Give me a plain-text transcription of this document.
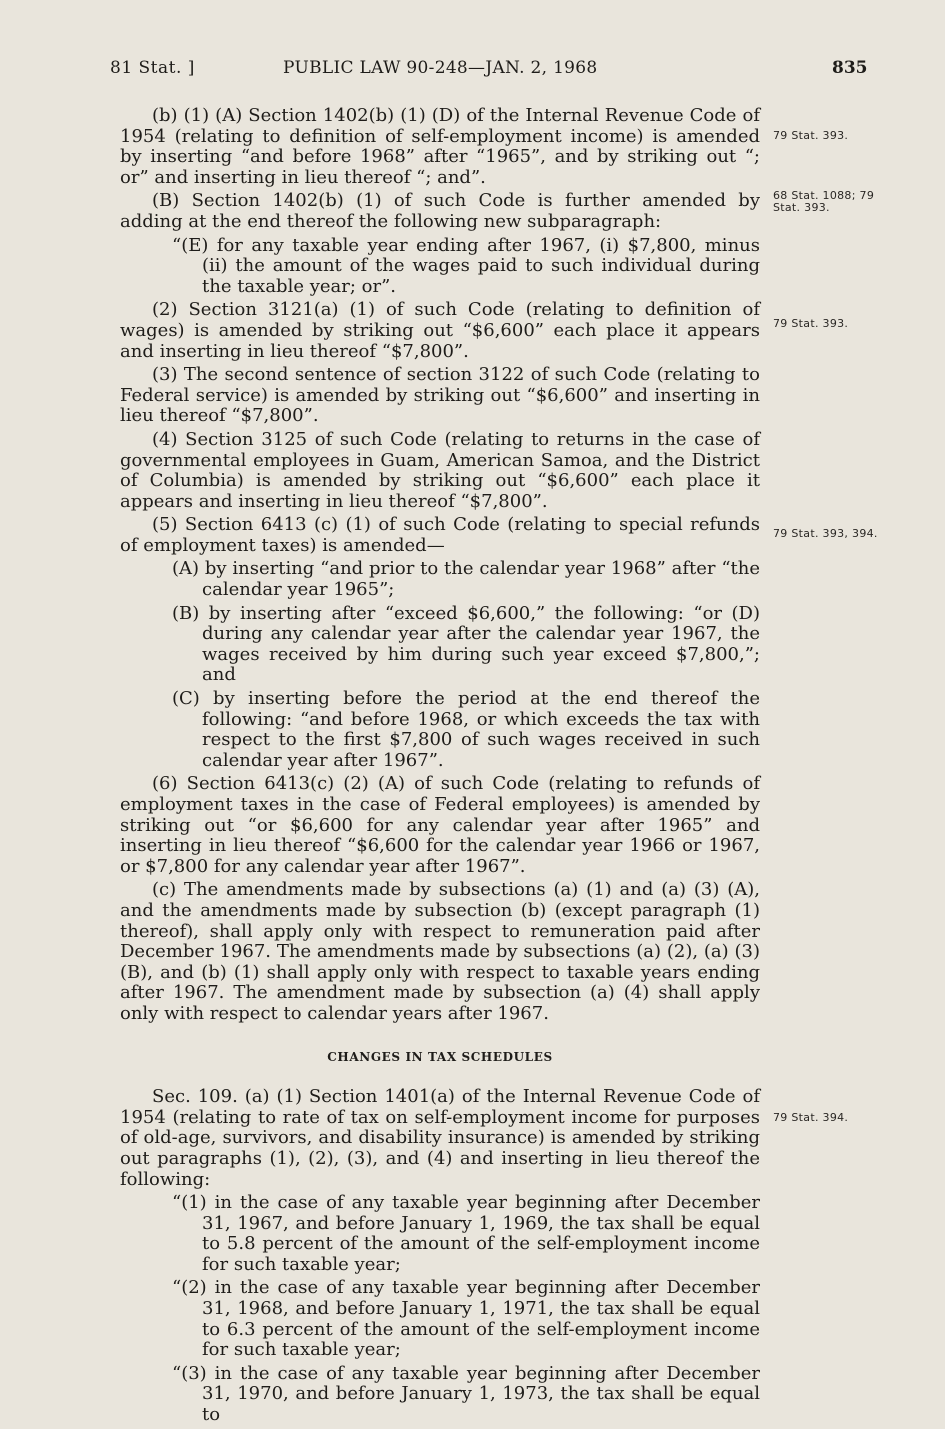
81 Stat. ]	PUBLIC LAW 90-248—JAN. 2, 1968	835

(b) (1) (A) Section 1402(b) (1) (D) of the Internal Revenue Code of 1954 (relating to definition of self-employment income) is amended by inserting “and before 1968” after “1965”, and by striking out “; or” and inserting in lieu thereof “; and”.

(B) Section 1402(b) (1) of such Code is further amended by adding at the end thereof the following new subparagraph:

“(E) for any taxable year ending after 1967, (i) $7,800, minus (ii) the amount of the wages paid to such individual during the taxable year; or”.

(2) Section 3121(a) (1) of such Code (relating to definition of wages) is amended by striking out “$6,600” each place it appears and inserting in lieu thereof “$7,800”.

(3) The second sentence of section 3122 of such Code (relating to Federal service) is amended by striking out “$6,600” and inserting in lieu thereof “$7,800”.

(4) Section 3125 of such Code (relating to returns in the case of governmental employees in Guam, American Samoa, and the District of Columbia) is amended by striking out “$6,600” each place it appears and inserting in lieu thereof “$7,800”.

(5) Section 6413 (c) (1) of such Code (relating to special refunds of employment taxes) is amended—

(A) by inserting “and prior to the calendar year 1968” after “the calendar year 1965”;

(B) by inserting after “exceed $6,600,” the following: “or (D) during any calendar year after the calendar year 1967, the wages received by him during such year exceed $7,800,”; and

(C) by inserting before the period at the end thereof the following: “and before 1968, or which exceeds the tax with respect to the first $7,800 of such wages received in such calendar year after 1967”.

(6) Section 6413(c) (2) (A) of such Code (relating to refunds of employment taxes in the case of Federal employees) is amended by striking out “or $6,600 for any calendar year after 1965” and inserting in lieu thereof “$6,600 for the calendar year 1966 or 1967, or $7,800 for any calendar year after 1967”.

(c) The amendments made by subsections (a) (1) and (a) (3) (A), and the amendments made by subsection (b) (except paragraph (1) thereof), shall apply only with respect to remuneration paid after December 1967. The amendments made by subsections (a) (2), (a) (3) (B), and (b) (1) shall apply only with respect to taxable years ending after 1967. The amendment made by subsection (a) (4) shall apply only with respect to calendar years after 1967.

CHANGES IN TAX SCHEDULES

Sec. 109. (a) (1) Section 1401(a) of the Internal Revenue Code of 1954 (relating to rate of tax on self-employment income for purposes of old-age, survivors, and disability insurance) is amended by striking out paragraphs (1), (2), (3), and (4) and inserting in lieu thereof the following:

“(1) in the case of any taxable year beginning after December 31, 1967, and before January 1, 1969, the tax shall be equal to 5.8 percent of the amount of the self-employment income for such taxable year;

“(2) in the case of any taxable year beginning after December 31, 1968, and before January 1, 1971, the tax shall be equal to 6.3 percent of the amount of the self-employment income for such taxable year;

“(3) in the case of any taxable year beginning after December 31, 1970, and before January 1, 1973, the tax shall be equal to

79 Stat. 393.
68 Stat. 1088; 79 Stat. 393.
79 Stat. 393.
79 Stat. 393, 394.
79 Stat. 394.
